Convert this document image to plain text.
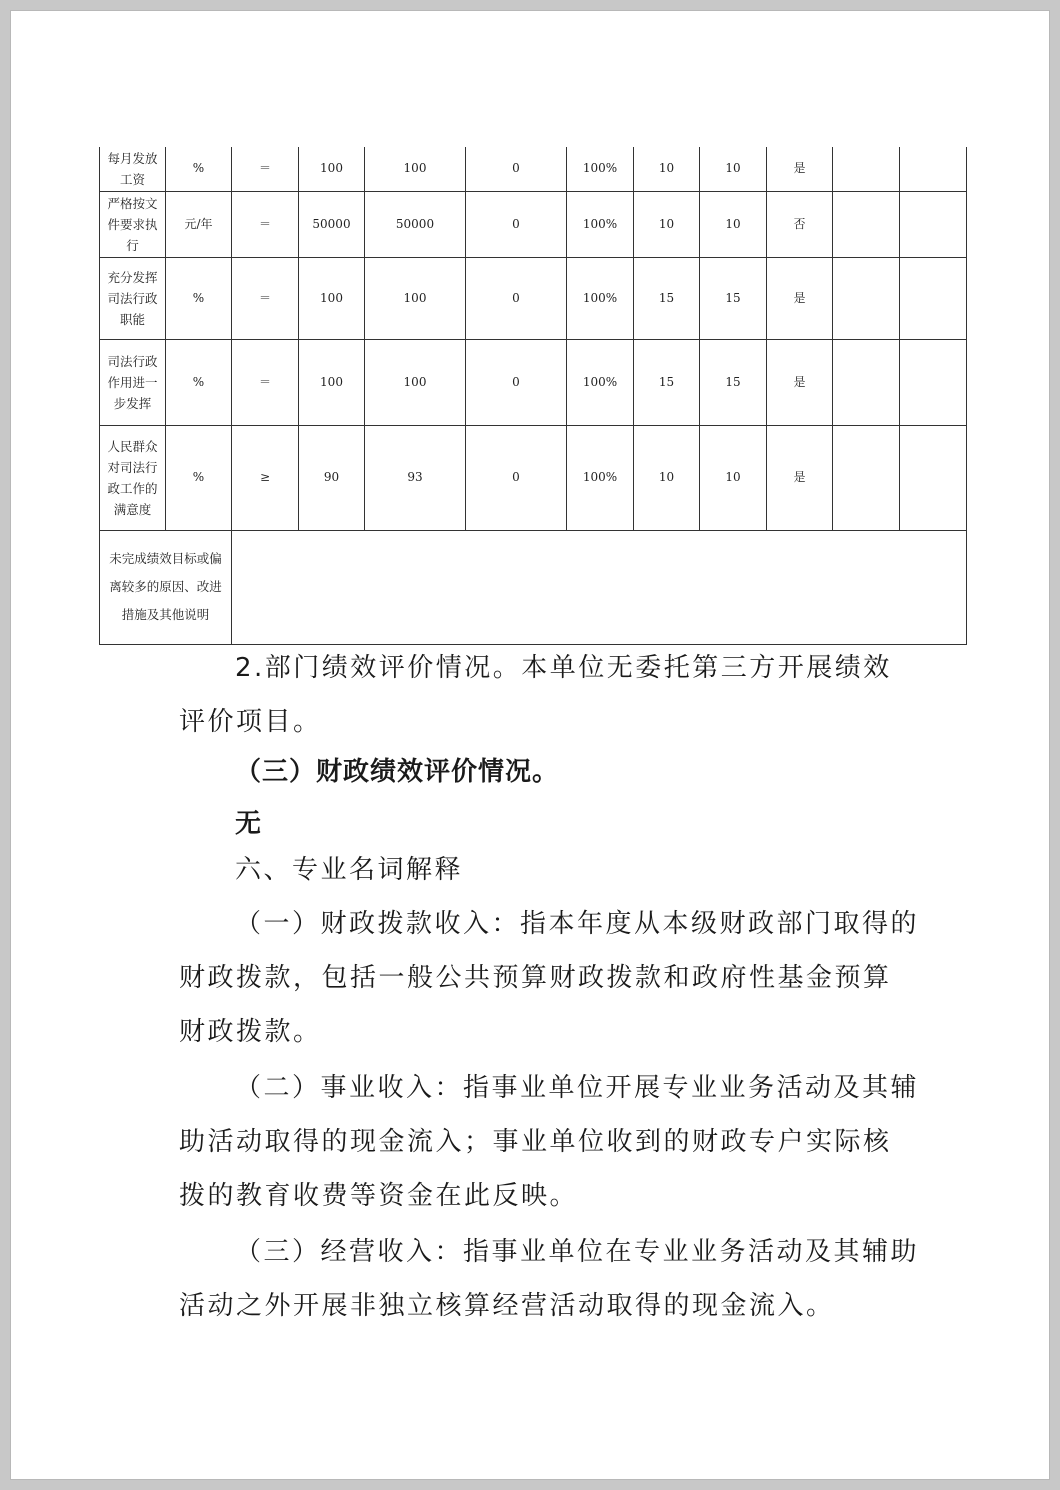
每月发放工资	%	＝	100	100	0	100%	10	10	是		
严格按文件要求执行	元/年	＝	50000	50000	0	100%	10	10	否		
充分发挥司法行政职能	%	＝	100	100	0	100%	15	15	是		
司法行政作用进一步发挥	%	＝	100	100	0	100%	15	15	是		
人民群众对司法行政工作的满意度	%	≥	90	93	0	100%	10	10	是		
未完成绩效目标或偏离较多的原因、改进措施及其他说明											

2.部门绩效评价情况。本单位无委托第三方开展绩效评价项目。

（三）财政绩效评价情况。

无

六、专业名词解释

（一）财政拨款收入：指本年度从本级财政部门取得的财政拨款，包括一般公共预算财政拨款和政府性基金预算财政拨款。

（二）事业收入：指事业单位开展专业业务活动及其辅助活动取得的现金流入；事业单位收到的财政专户实际核拨的教育收费等资金在此反映。

（三）经营收入：指事业单位在专业业务活动及其辅助活动之外开展非独立核算经营活动取得的现金流入。
